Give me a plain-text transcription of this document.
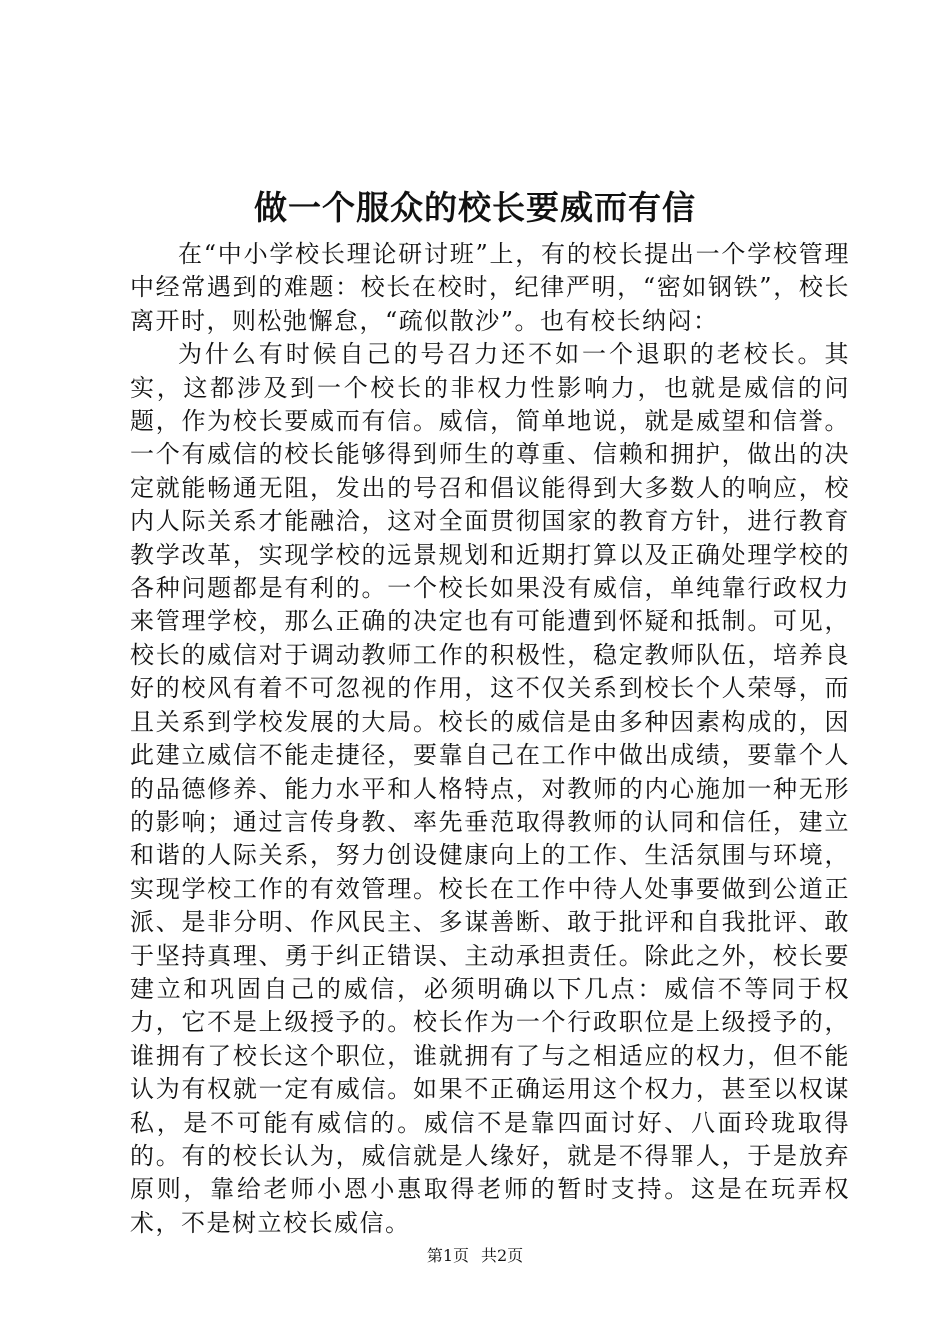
做一个服众的校长要威而有信

在“中小学校长理论研讨班”上，有的校长提出一个学校管理中经常遇到的难题：校长在校时，纪律严明，“密如钢铁”，校长离开时，则松弛懈怠，“疏似散沙”。也有校长纳闷：

为什么有时候自己的号召力还不如一个退职的老校长。其实，这都涉及到一个校长的非权力性影响力，也就是威信的问题，作为校长要威而有信。威信，简单地说，就是威望和信誉。一个有威信的校长能够得到师生的尊重、信赖和拥护，做出的决定就能畅通无阻，发出的号召和倡议能得到大多数人的响应，校内人际关系才能融洽，这对全面贯彻国家的教育方针，进行教育教学改革，实现学校的远景规划和近期打算以及正确处理学校的各种问题都是有利的。一个校长如果没有威信，单纯靠行政权力来管理学校，那么正确的决定也有可能遭到怀疑和抵制。可见，校长的威信对于调动教师工作的积极性，稳定教师队伍，培养良好的校风有着不可忽视的作用，这不仅关系到校长个人荣辱，而且关系到学校发展的大局。校长的威信是由多种因素构成的，因此建立威信不能走捷径，要靠自己在工作中做出成绩，要靠个人的品德修养、能力水平和人格特点，对教师的内心施加一种无形的影响；通过言传身教、率先垂范取得教师的认同和信任，建立和谐的人际关系，努力创设健康向上的工作、生活氛围与环境，实现学校工作的有效管理。校长在工作中待人处事要做到公道正派、是非分明、作风民主、多谋善断、敢于批评和自我批评、敢于坚持真理、勇于纠正错误、主动承担责任。除此之外，校长要建立和巩固自己的威信，必须明确以下几点：威信不等同于权力，它不是上级授予的。校长作为一个行政职位是上级授予的，谁拥有了校长这个职位，谁就拥有了与之相适应的权力，但不能认为有权就一定有威信。如果不正确运用这个权力，甚至以权谋私，是不可能有威信的。威信不是靠四面讨好、八面玲珑取得的。有的校长认为，威信就是人缘好，就是不得罪人，于是放弃原则，靠给老师小恩小惠取得老师的暂时支持。这是在玩弄权术，不是树立校长威信。

第1页 共2页
